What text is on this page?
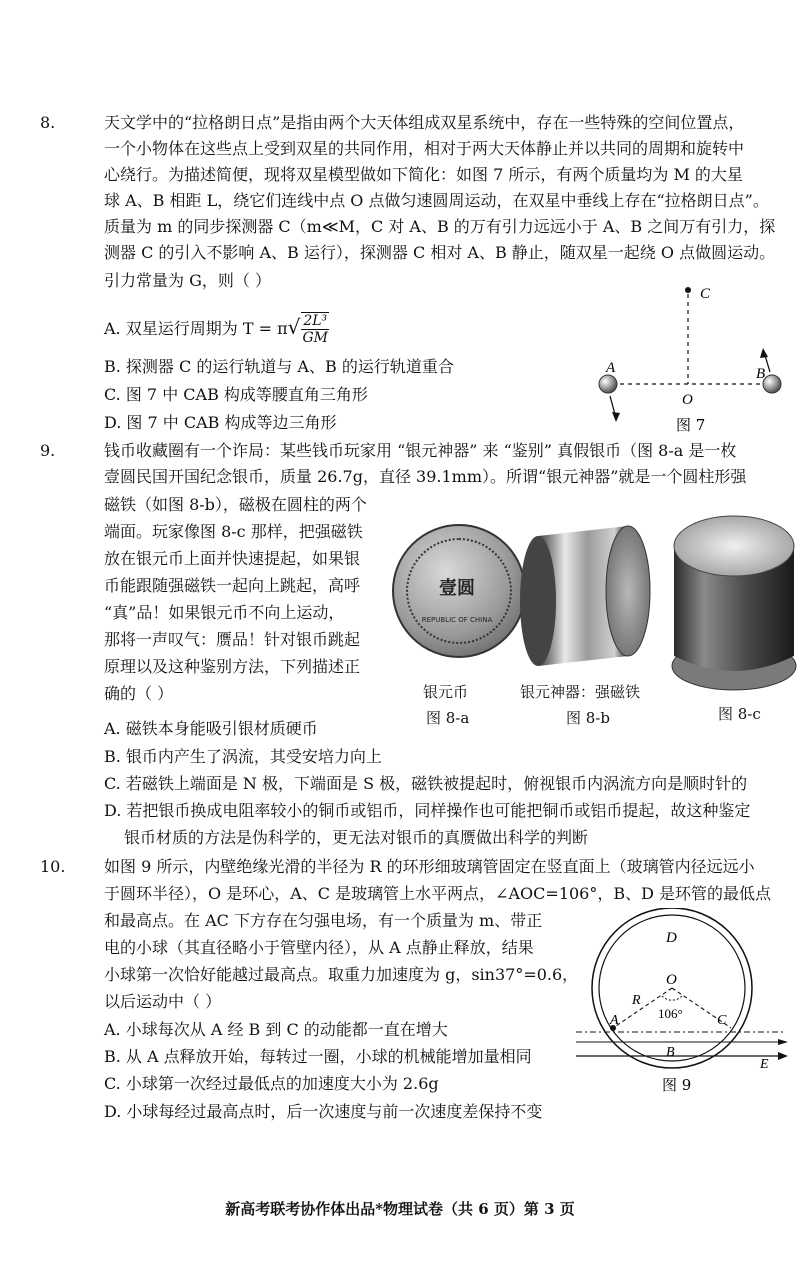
8.	天文学中的“拉格朗日点”是指由两个大天体组成双星系统中，存在一些特殊的空间位置点，
一个小物体在这些点上受到双星的共同作用，相对于两大天体静止并以共同的周期和旋转中
心绕行。为描述简便，现将双星模型做如下简化：如图 7 所示，有两个质量均为 M 的大星
球 A、B 相距 L，绕它们连线中点 O 点做匀速圆周运动，在双星中垂线上存在“拉格朗日点”。
质量为 m 的同步探测器 C（m≪M，C 对 A、B 的万有引力远远小于 A、B 之间万有引力，探
测器 C 的引入不影响 A、B 运行），探测器 C 相对 A、B 静止，随双星一起绕 O 点做圆运动。
引力常量为 G，则（ ）
A. 双星运行周期为 $T = \pi√ \frac{\text{2L³}}{GM}$
B. 探测器 C 的运行轨道与 A、B 的运行轨道重合
C. 图 7 中 CAB 构成等腰直角三角形
D. 图 7 中 CAB 构成等边三角形
C
A
O
B
图 7
9.	钱币收藏圈有一个诈局：某些钱币玩家用 “银元神器” 来 “鉴别” 真假银币（图 8-a 是一枚
壹圆民国开国纪念银币，质量 26.7g，直径 39.1mm）。所谓“银元神器”就是一个圆柱形强
磁铁（如图 8-b），磁极在圆柱的两个
端面。玩家像图 8-c 那样，把强磁铁
放在银元币上面并快速提起，如果银
币能跟随强磁铁一起向上跳起，高呼
“真”品！如果银元币不向上运动，
那将一声叹气：赝品！针对银币跳起
原理以及这种鉴别方法，下列描述正
确的（ ）
壹圆
REPUBLIC OF CHINA
银元币
图 8-a
银元神器：强磁铁
图 8-b	图 8-c
A. 磁铁本身能吸引银材质硬币
B. 银币内产生了涡流，其受安培力向上
C. 若磁铁上端面是 N 极，下端面是 S 极，磁铁被提起时，俯视银币内涡流方向是顺时针的
D. 若把银币换成电阻率较小的铜币或铝币，同样操作也可能把铜币或铝币提起，故这种鉴定
银币材质的方法是伪科学的，更无法对银币的真赝做出科学的判断
10. 如图 9 所示，内壁绝缘光滑的半径为 R 的环形细玻璃管固定在竖直面上（玻璃管内径远远小
于圆环半径），O 是环心，A、C 是玻璃管上水平两点，∠AOC=106°，B、D 是环管的最低点
和最高点。在 AC 下方存在匀强电场，有一个质量为 m、带正
电的小球（其直径略小于管壁内径），从 A 点静止释放，结果
小球第一次恰好能越过最高点。取重力加速度为 g，sin37°=0.6，
以后运动中（ ）
A. 小球每次从 A 经 B 到 C 的动能都一直在增大
B. 从 A 点释放开始，每转过一圈，小球的机械能增加量相同
C. 小球第一次经过最低点的加速度大小为 2.6g
D. 小球每经过最高点时，后一次速度与前一次速度差保持不变
D
O
R
106°
A	C
B
E
图 9
新高考联考协作体出品*物理试卷（共 6 页）第 3 页
